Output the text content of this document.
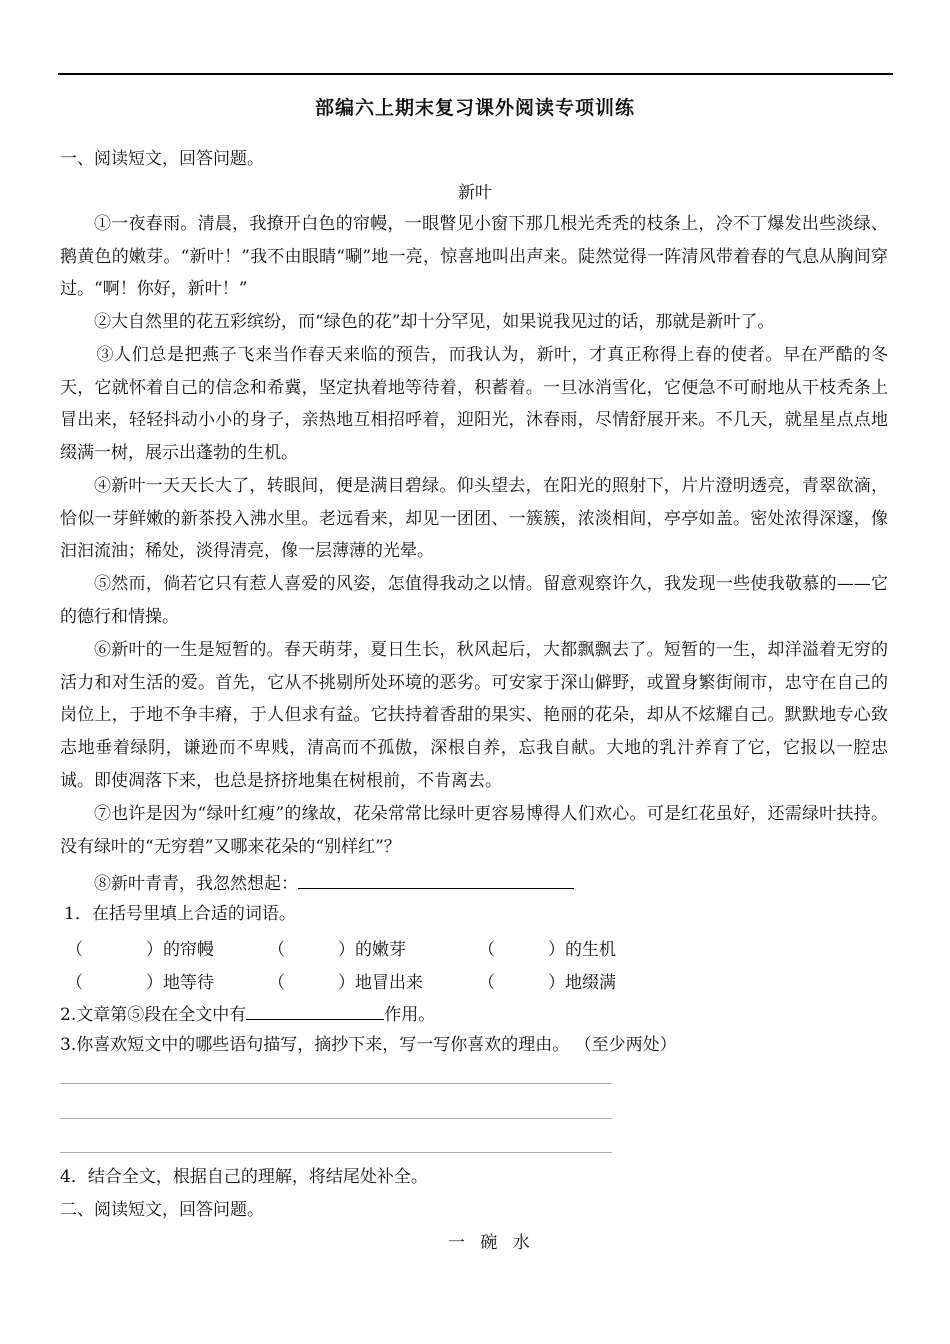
部编六上期末复习课外阅读专项训练
一、阅读短文，回答问题。
新叶
①一夜春雨。清晨，我撩开白色的帘幔，一眼瞥见小窗下那几根光秃秃的枝条上，冷不丁爆发出些淡绿、鹅黄色的嫩芽。“新叶！”我不由眼睛“唰”地一亮，惊喜地叫出声来。陡然觉得一阵清风带着春的气息从胸间穿过。“啊！你好，新叶！”
②大自然里的花五彩缤纷，而“绿色的花”却十分罕见，如果说我见过的话，那就是新叶了。
③人们总是把燕子飞来当作春天来临的预告，而我认为，新叶，才真正称得上春的使者。早在严酷的冬天，它就怀着自己的信念和希冀，坚定执着地等待着，积蓄着。一旦冰消雪化，它便急不可耐地从干枝秃条上冒出来，轻轻抖动小小的身子，亲热地互相招呼着，迎阳光，沐春雨，尽情舒展开来。不几天，就星星点点地缀满一树，展示出蓬勃的生机。
④新叶一天天长大了，转眼间，便是满目碧绿。仰头望去，在阳光的照射下，片片澄明透亮，青翠欲滴，恰似一芽鲜嫩的新茶投入沸水里。老远看来，却见一团团、一簇簇，浓淡相间，亭亭如盖。密处浓得深邃，像汩汩流油；稀处，淡得清亮，像一层薄薄的光晕。
⑤然而，倘若它只有惹人喜爱的风姿，怎值得我动之以情。留意观察许久，我发现一些使我敬慕的——它的德行和情操。
⑥新叶的一生是短暂的。春天萌芽，夏日生长，秋风起后，大都飘飘去了。短暂的一生，却洋溢着无穷的活力和对生活的爱。首先，它从不挑剔所处环境的恶劣。可安家于深山僻野，或置身繁街闹市，忠守在自己的岗位上，于地不争丰瘠，于人但求有益。它扶持着香甜的果实、艳丽的花朵，却从不炫耀自己。默默地专心致志地垂着绿阴，谦逊而不卑贱，清高而不孤傲，深根自养，忘我自献。大地的乳汁养育了它，它报以一腔忠诚。即使凋落下来，也总是挤挤地集在树根前，不肯离去。
⑦也许是因为“绿叶红瘦”的缘故，花朵常常比绿叶更容易博得人们欢心。可是红花虽好，还需绿叶扶持。没有绿叶的“无穷碧”又哪来花朵的“别样红”？
⑧新叶青青，我忽然想起：
1．在括号里填上合适的词语。
（	）的帘幔	（	）的嫩芽	（	）的生机
（	）地等待	（	）地冒出来	（	）地缀满
2.文章第⑤段在全文中有	作用。
3.你喜欢短文中的哪些语句描写，摘抄下来，写一写你喜欢的理由。 （至少两处）
4．结合全文，根据自己的理解，将结尾处补全。
二、阅读短文，回答问题。
一 碗 水
